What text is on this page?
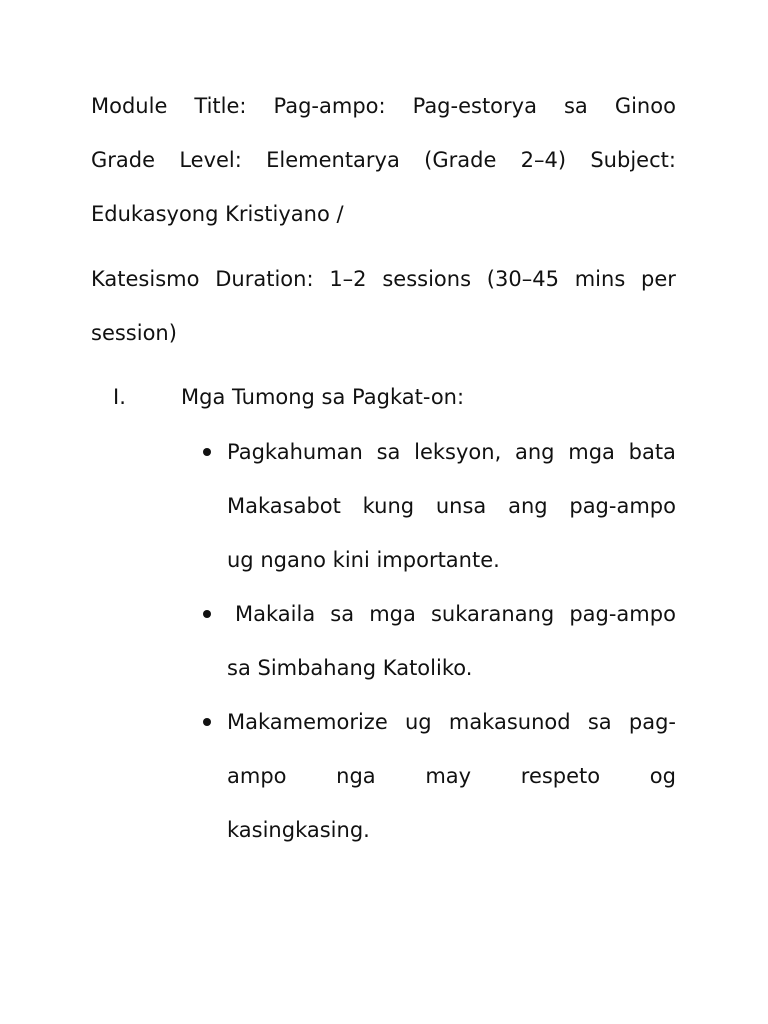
Module Title: Pag-ampo: Pag-estorya sa Ginoo
Grade Level: Elementarya (Grade 2–4) Subject:
Edukasyong Kristiyano /
Katesismo Duration: 1–2 sessions (30–45 mins per
session)
I.	Mga Tumong sa Pagkat-on:
Pagkahuman sa leksyon, ang mga bata
Makasabot kung unsa ang pag-ampo
ug ngano kini importante.
Makaila sa mga sukaranang pag-ampo
sa Simbahang Katoliko.
Makamemorize ug makasunod sa pag-
ampo nga may respeto og
kasingkasing.
